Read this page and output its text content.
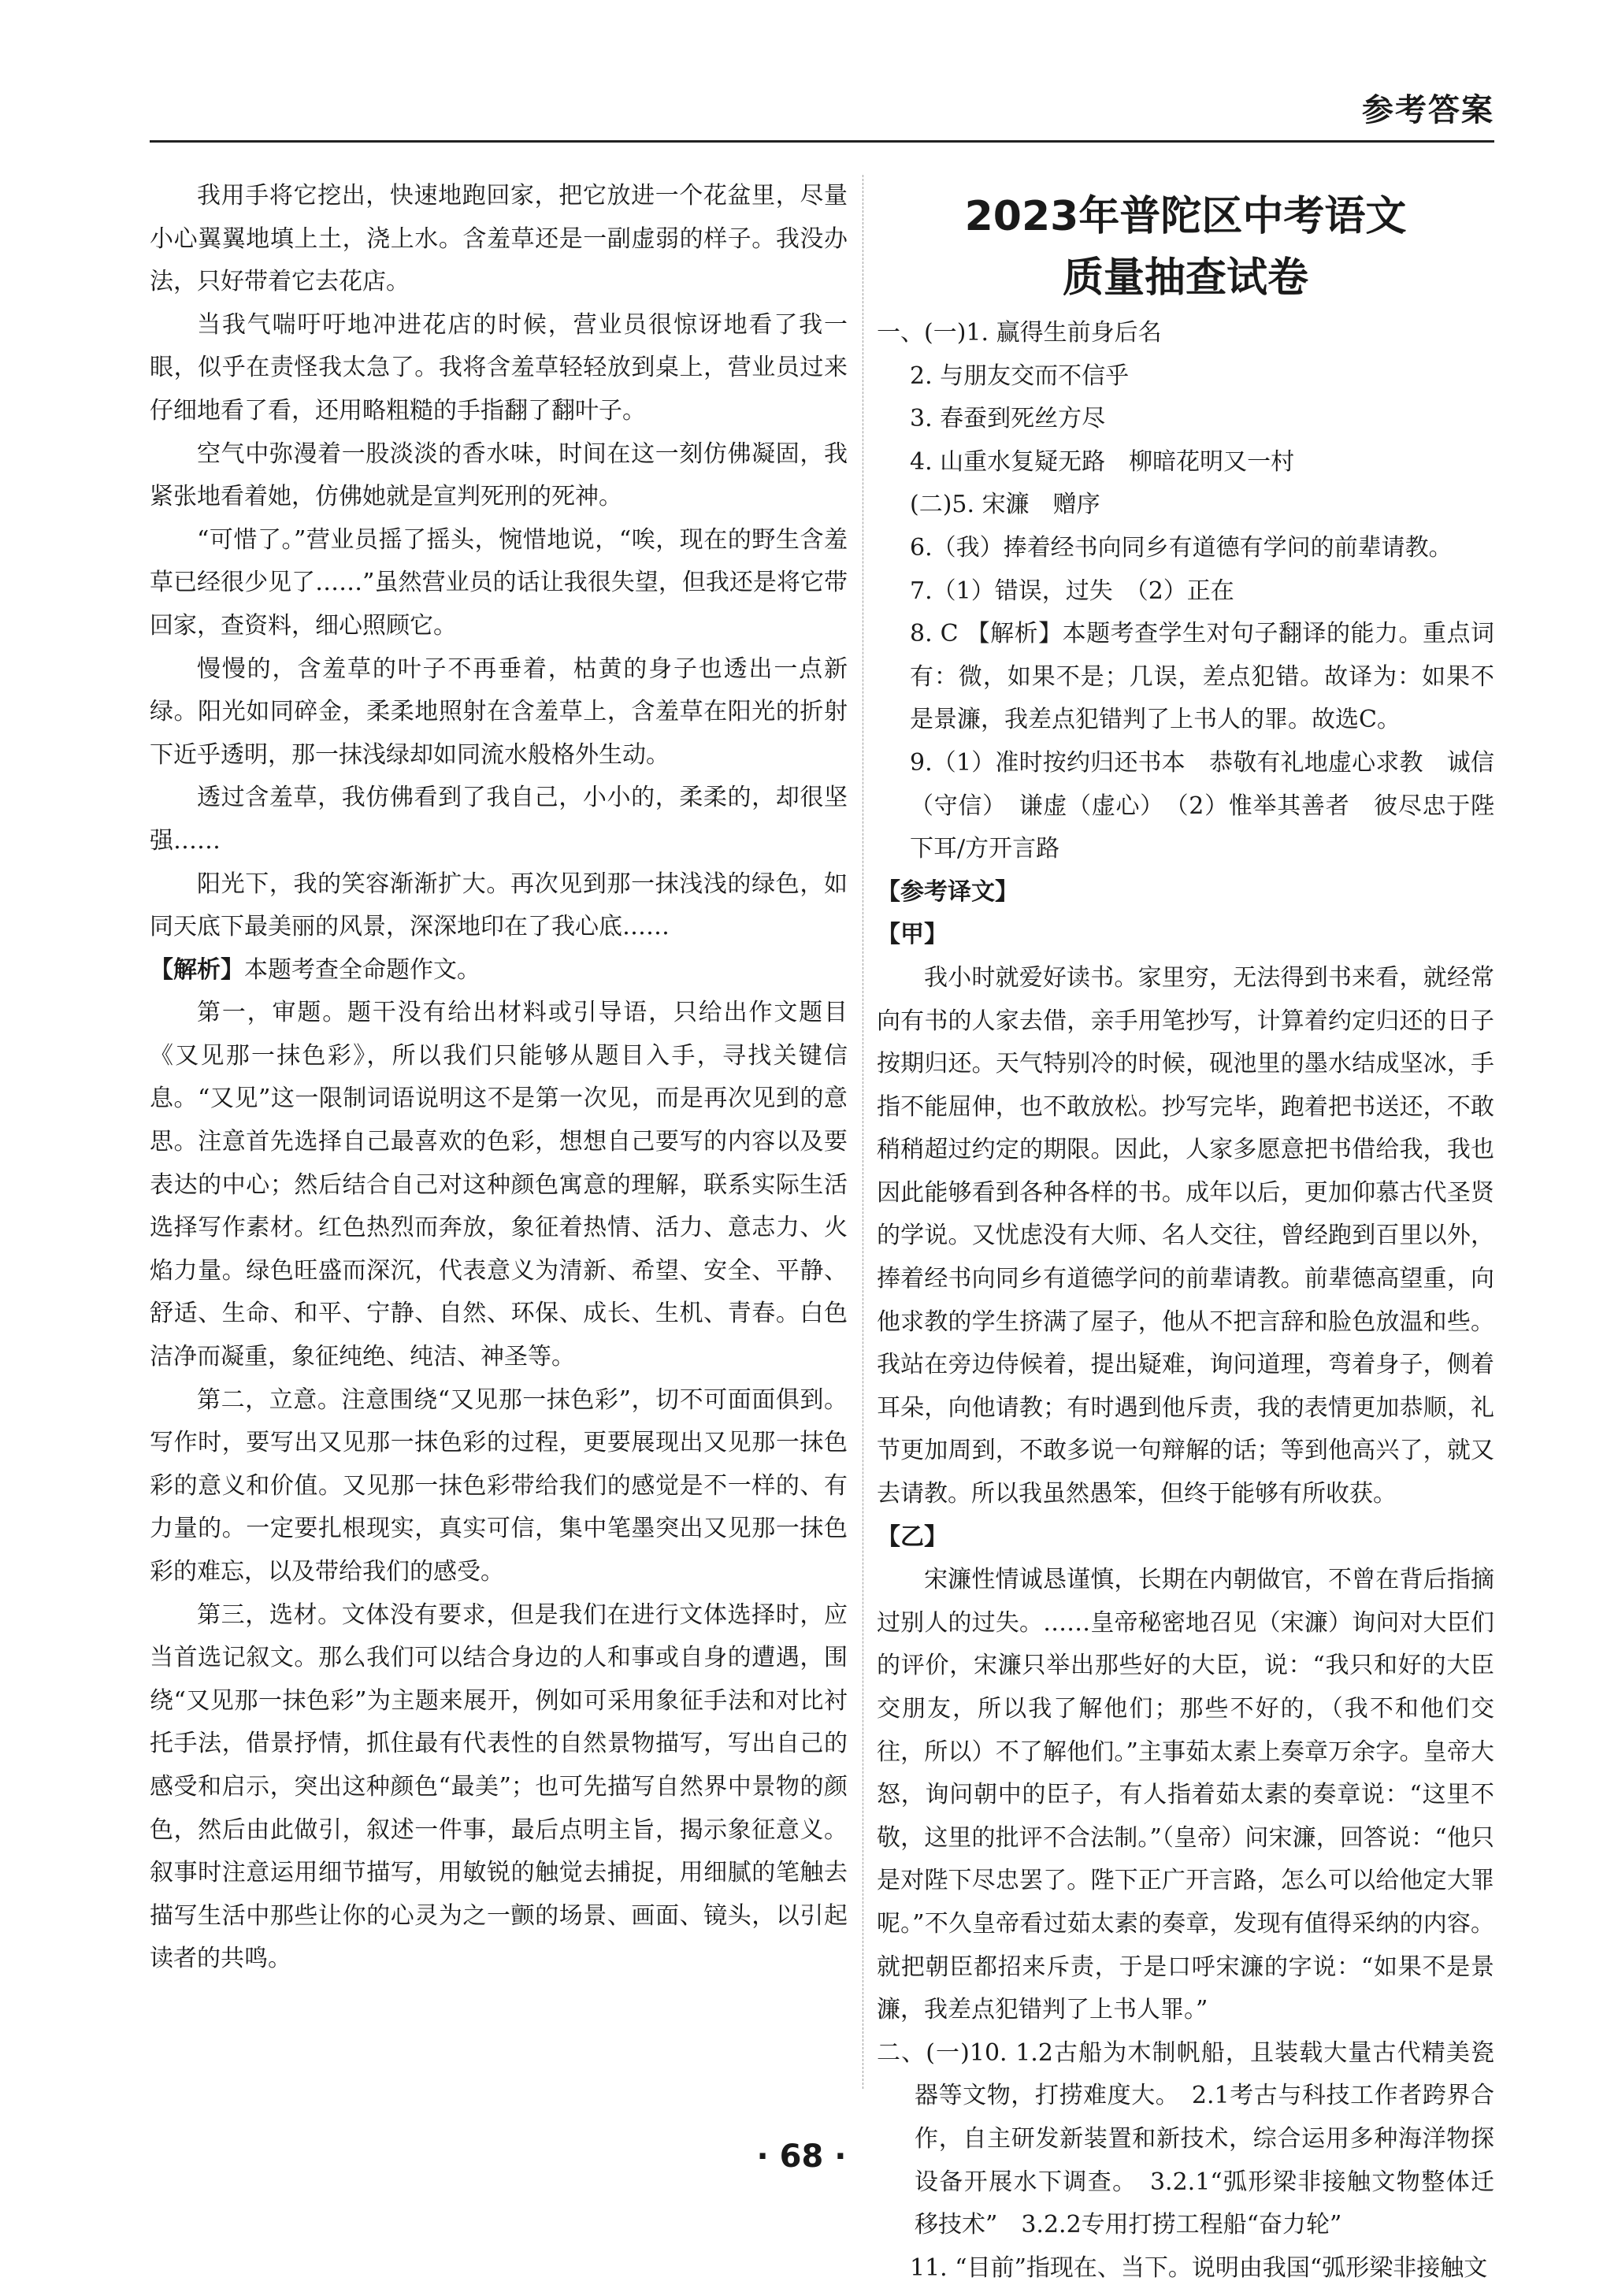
参考答案

我用手将它挖出，快速地跑回家，把它放进一个花盆里，尽量小心翼翼地填上土，浇上水。含羞草还是一副虚弱的样子。我没办法，只好带着它去花店。

当我气喘吁吁地冲进花店的时候，营业员很惊讶地看了我一眼，似乎在责怪我太急了。我将含羞草轻轻放到桌上，营业员过来仔细地看了看，还用略粗糙的手指翻了翻叶子。

空气中弥漫着一股淡淡的香水味，时间在这一刻仿佛凝固，我紧张地看着她，仿佛她就是宣判死刑的死神。

“可惜了。”营业员摇了摇头，惋惜地说，“唉，现在的野生含羞草已经很少见了……”虽然营业员的话让我很失望，但我还是将它带回家，查资料，细心照顾它。

慢慢的，含羞草的叶子不再垂着，枯黄的身子也透出一点新绿。阳光如同碎金，柔柔地照射在含羞草上，含羞草在阳光的折射下近乎透明，那一抹浅绿却如同流水般格外生动。

透过含羞草，我仿佛看到了我自己，小小的，柔柔的，却很坚强……

阳光下，我的笑容渐渐扩大。再次见到那一抹浅浅的绿色，如同天底下最美丽的风景，深深地印在了我心底……

【解析】本题考查全命题作文。

第一，审题。题干没有给出材料或引导语，只给出作文题目《又见那一抹色彩》，所以我们只能够从题目入手，寻找关键信息。“又见”这一限制词语说明这不是第一次见，而是再次见到的意思。注意首先选择自己最喜欢的色彩，想想自己要写的内容以及要表达的中心；然后结合自己对这种颜色寓意的理解，联系实际生活选择写作素材。红色热烈而奔放，象征着热情、活力、意志力、火焰力量。绿色旺盛而深沉，代表意义为清新、希望、安全、平静、舒适、生命、和平、宁静、自然、环保、成长、生机、青春。白色洁净而凝重，象征纯绝、纯洁、神圣等。

第二，立意。注意围绕“又见那一抹色彩”，切不可面面俱到。写作时，要写出又见那一抹色彩的过程，更要展现出又见那一抹色彩的意义和价值。又见那一抹色彩带给我们的感觉是不一样的、有力量的。一定要扎根现实，真实可信，集中笔墨突出又见那一抹色彩的难忘，以及带给我们的感受。

第三，选材。文体没有要求，但是我们在进行文体选择时，应当首选记叙文。那么我们可以结合身边的人和事或自身的遭遇，围绕“又见那一抹色彩”为主题来展开，例如可采用象征手法和对比衬托手法，借景抒情，抓住最有代表性的自然景物描写，写出自己的感受和启示，突出这种颜色“最美”；也可先描写自然界中景物的颜色，然后由此做引，叙述一件事，最后点明主旨，揭示象征意义。叙事时注意运用细节描写，用敏锐的触觉去捕捉，用细腻的笔触去描写生活中那些让你的心灵为之一颤的场景、画面、镜头，以引起读者的共鸣。

2023年普陀区中考语文
质量抽查试卷

一、(一)1. 赢得生前身后名

2. 与朋友交而不信乎

3. 春蚕到死丝方尽

4. 山重水复疑无路　柳暗花明又一村

(二)5. 宋濂　赠序

6.（我）捧着经书向同乡有道德有学问的前辈请教。

7.（1）错误，过失　（2）正在

8. C 【解析】本题考查学生对句子翻译的能力。重点词有：微，如果不是；几误，差点犯错。故译为：如果不是景濂，我差点犯错判了上书人的罪。故选C。

9.（1）准时按约归还书本　恭敬有礼地虚心求教　诚信（守信）　谦虚（虚心）　（2）惟举其善者　彼尽忠于陛下耳/方开言路

【参考译文】

【甲】

我小时就爱好读书。家里穷，无法得到书来看，就经常向有书的人家去借，亲手用笔抄写，计算着约定归还的日子按期归还。天气特别冷的时候，砚池里的墨水结成坚冰，手指不能屈伸，也不敢放松。抄写完毕，跑着把书送还，不敢稍稍超过约定的期限。因此，人家多愿意把书借给我，我也因此能够看到各种各样的书。成年以后，更加仰慕古代圣贤的学说。又忧虑没有大师、名人交往，曾经跑到百里以外，捧着经书向同乡有道德学问的前辈请教。前辈德高望重，向他求教的学生挤满了屋子，他从不把言辞和脸色放温和些。我站在旁边侍候着，提出疑难，询问道理，弯着身子，侧着耳朵，向他请教；有时遇到他斥责，我的表情更加恭顺，礼节更加周到，不敢多说一句辩解的话；等到他高兴了，就又去请教。所以我虽然愚笨，但终于能够有所收获。

【乙】

宋濂性情诚恳谨慎，长期在内朝做官，不曾在背后指摘过别人的过失。……皇帝秘密地召见（宋濂）询问对大臣们的评价，宋濂只举出那些好的大臣，说：“我只和好的大臣交朋友，所以我了解他们；那些不好的，（我不和他们交往，所以）不了解他们。”主事茹太素上奏章万余字。皇帝大怒，询问朝中的臣子，有人指着茹太素的奏章说：“这里不敬，这里的批评不合法制。”（皇帝）问宋濂，回答说：“他只是对陛下尽忠罢了。陛下正广开言路，怎么可以给他定大罪呢。”不久皇帝看过茹太素的奏章，发现有值得采纳的内容。就把朝臣都招来斥责，于是口呼宋濂的字说：“如果不是景濂，我差点犯错判了上书人罪。”

二、(一)10. 1.2古船为木制帆船，且装载大量古代精美瓷器等文物，打捞难度大。　2.1考古与科技工作者跨界合作，自主研发新装置和新技术，综合运用多种海洋物探设备开展水下调查。　3.2.1“弧形梁非接触文物整体迁移技术”　3.2.2专用打捞工程船“奋力轮”

11. “目前”指现在、当下。说明由我国“弧形梁非接触文

· 68 ·
